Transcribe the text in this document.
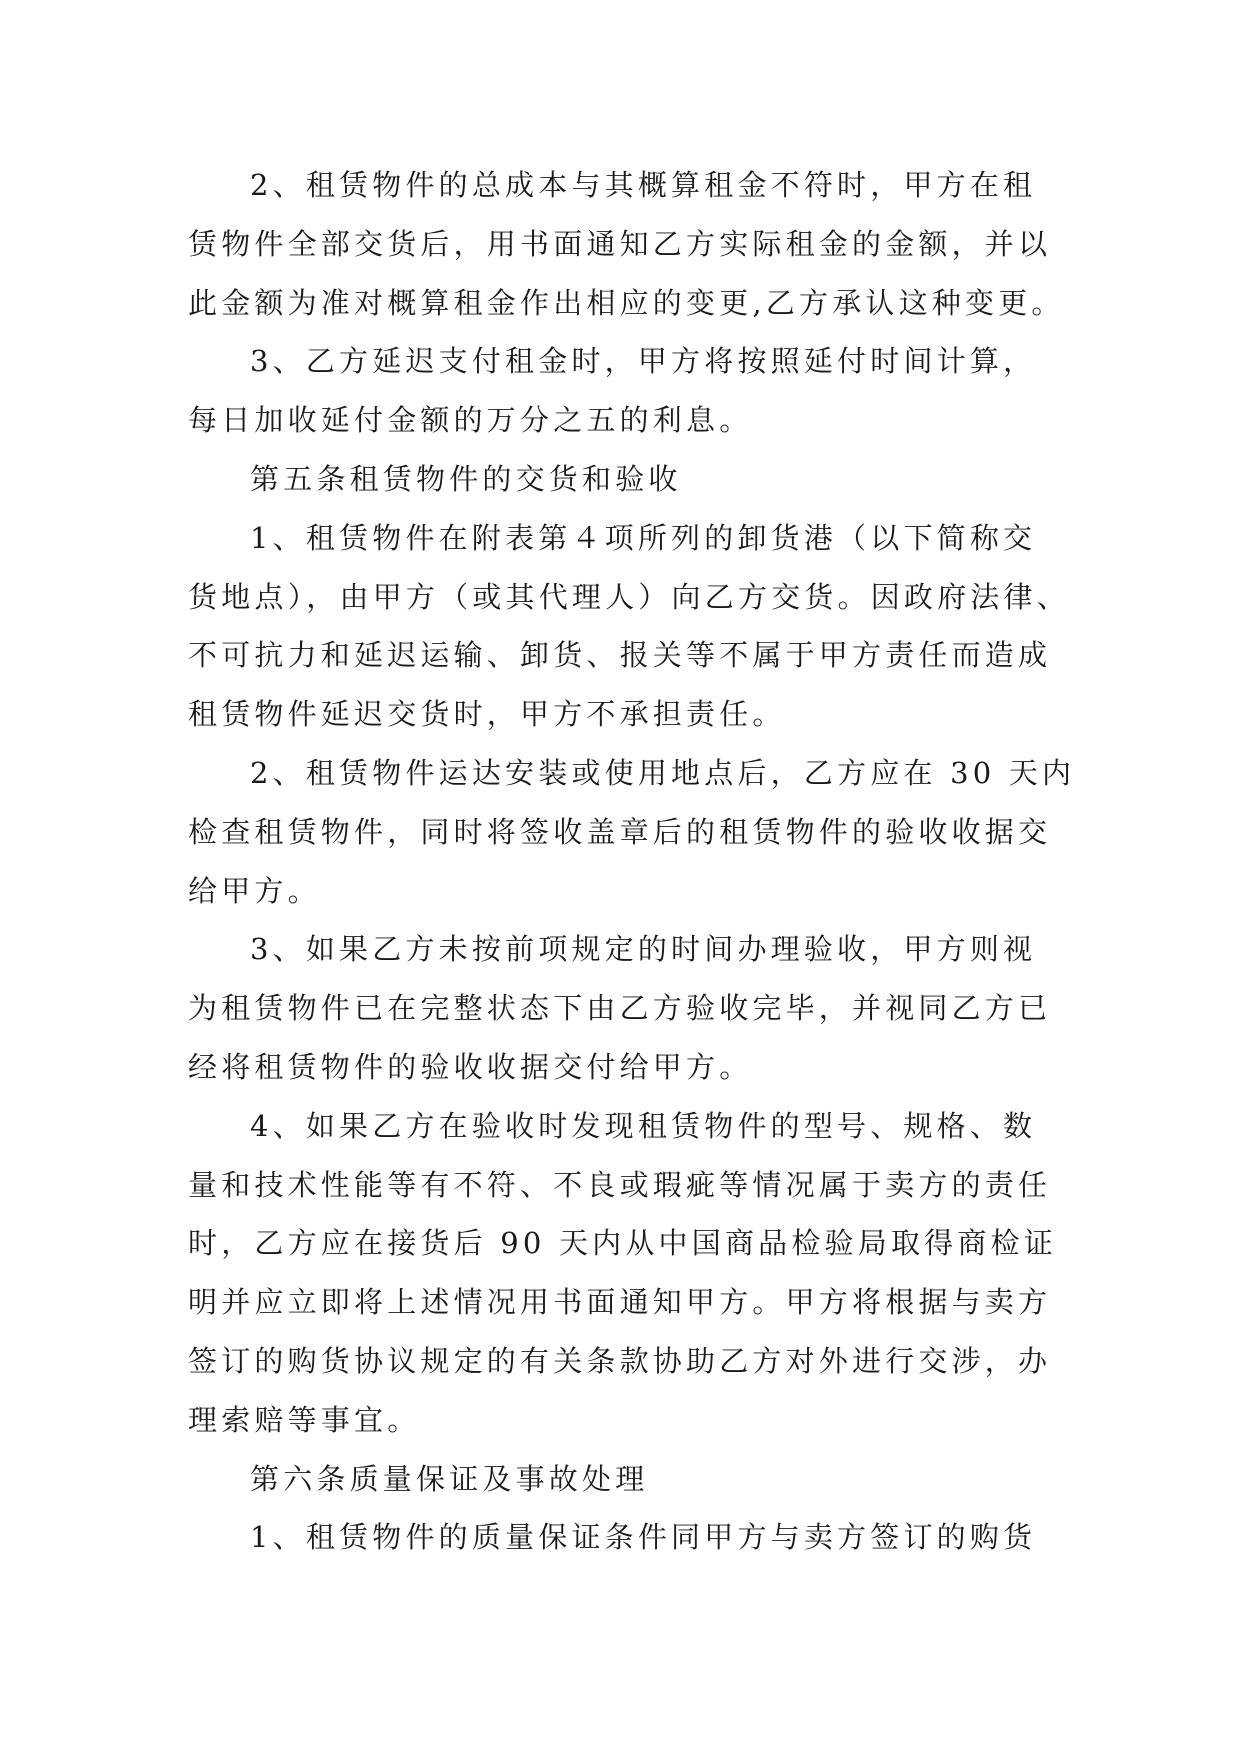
2、租赁物件的总成本与其概算租金不符时，甲方在租
赁物件全部交货后，用书面通知乙方实际租金的金额，并以
此金额为准对概算租金作出相应的变更,乙方承认这种变更。
3、乙方延迟支付租金时，甲方将按照延付时间计算，
每日加收延付金额的万分之五的利息。
第五条租赁物件的交货和验收
1、租赁物件在附表第４项所列的卸货港（以下简称交
货地点），由甲方（或其代理人）向乙方交货。因政府法律、
不可抗力和延迟运输、卸货、报关等不属于甲方责任而造成
租赁物件延迟交货时，甲方不承担责任。
2、租赁物件运达安装或使用地点后，乙方应在 30 天内
检查租赁物件，同时将签收盖章后的租赁物件的验收收据交
给甲方。
3、如果乙方未按前项规定的时间办理验收，甲方则视
为租赁物件已在完整状态下由乙方验收完毕，并视同乙方已
经将租赁物件的验收收据交付给甲方。
4、如果乙方在验收时发现租赁物件的型号、规格、数
量和技术性能等有不符、不良或瑕疵等情况属于卖方的责任
时，乙方应在接货后 90 天内从中国商品检验局取得商检证
明并应立即将上述情况用书面通知甲方。甲方将根据与卖方
签订的购货协议规定的有关条款协助乙方对外进行交涉，办
理索赔等事宜。
第六条质量保证及事故处理
1、租赁物件的质量保证条件同甲方与卖方签订的购货
